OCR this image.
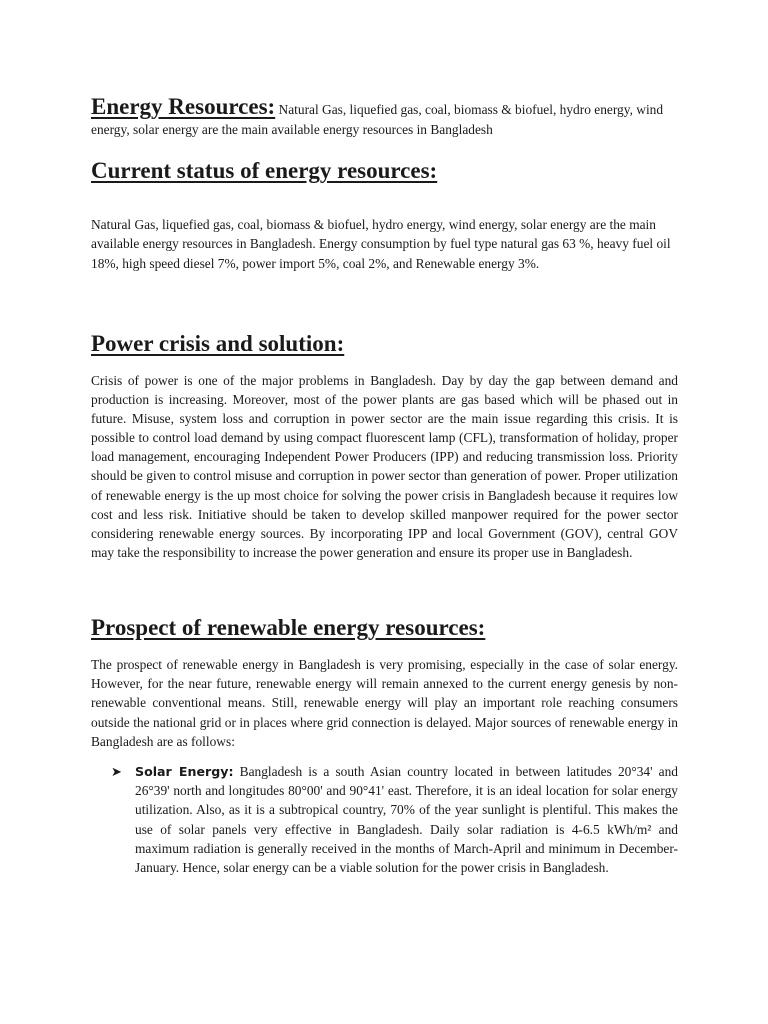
Energy Resources: Natural Gas, liquefied gas, coal, biomass & biofuel, hydro energy, wind energy, solar energy are the main available energy resources in Bangladesh
Current status of energy resources:

Natural Gas, liquefied gas, coal, biomass & biofuel, hydro energy, wind energy, solar energy are the main available energy resources in Bangladesh. Energy consumption by fuel type natural gas 63 %, heavy fuel oil 18%, high speed diesel 7%, power import 5%, coal 2%, and Renewable energy 3%.

Power crisis and solution:

Crisis of power is one of the major problems in Bangladesh. Day by day the gap between demand and production is increasing. Moreover, most of the power plants are gas based which will be phased out in future. Misuse, system loss and corruption in power sector are the main issue regarding this crisis. It is possible to control load demand by using compact fluorescent lamp (CFL), transformation of holiday, proper load management, encouraging Independent Power Producers (IPP) and reducing transmission loss. Priority should be given to control misuse and corruption in power sector than generation of power. Proper utilization of renewable energy is the up most choice for solving the power crisis in Bangladesh because it requires low cost and less risk. Initiative should be taken to develop skilled manpower required for the power sector considering renewable energy sources. By incorporating IPP and local Government (GOV), central GOV may take the responsibility to increase the power generation and ensure its proper use in Bangladesh.

Prospect of renewable energy resources:

The prospect of renewable energy in Bangladesh is very promising, especially in the case of solar energy. However, for the near future, renewable energy will remain annexed to the current energy genesis by non-renewable conventional means. Still, renewable energy will play an important role reaching consumers outside the national grid or in places where grid connection is delayed. Major sources of renewable energy in Bangladesh are as follows:

➤	Solar Energy: Bangladesh is a south Asian country located in between latitudes 20°34' and 26°39' north and longitudes 80°00' and 90°41' east. Therefore, it is an ideal location for solar energy utilization. Also, as it is a subtropical country, 70% of the year sunlight is plentiful. This makes the use of solar panels very effective in Bangladesh. Daily solar radiation is 4-6.5 kWh/m² and maximum radiation is generally received in the months of March-April and minimum in December-January. Hence, solar energy can be a viable solution for the power crisis in Bangladesh.
